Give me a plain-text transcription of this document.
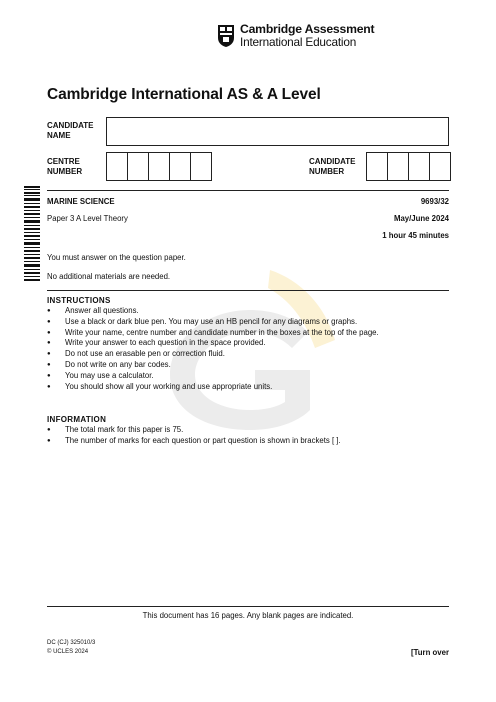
Cambridge Assessment
International Education
Cambridge International AS & A Level
CANDIDATE
NAME
CENTRE
NUMBER
CANDIDATE
NUMBER
MARINE SCIENCE	9693/32
Paper 3 A Level Theory	May/June 2024
1 hour 45 minutes
You must answer on the question paper.
No additional materials are needed.
INSTRUCTIONS
● Answer all questions.
● Use a black or dark blue pen. You may use an HB pencil for any diagrams or graphs.
● Write your name, centre number and candidate number in the boxes at the top of the page.
● Write your answer to each question in the space provided.
● Do not use an erasable pen or correction fluid.
● Do not write on any bar codes.
● You may use a calculator.
● You should show all your working and use appropriate units.
INFORMATION
● The total mark for this paper is 75.
● The number of marks for each question or part question is shown in brackets [ ].
This document has 16 pages. Any blank pages are indicated.
DC (CJ) 325010/3
© UCLES 2024	[Turn over
